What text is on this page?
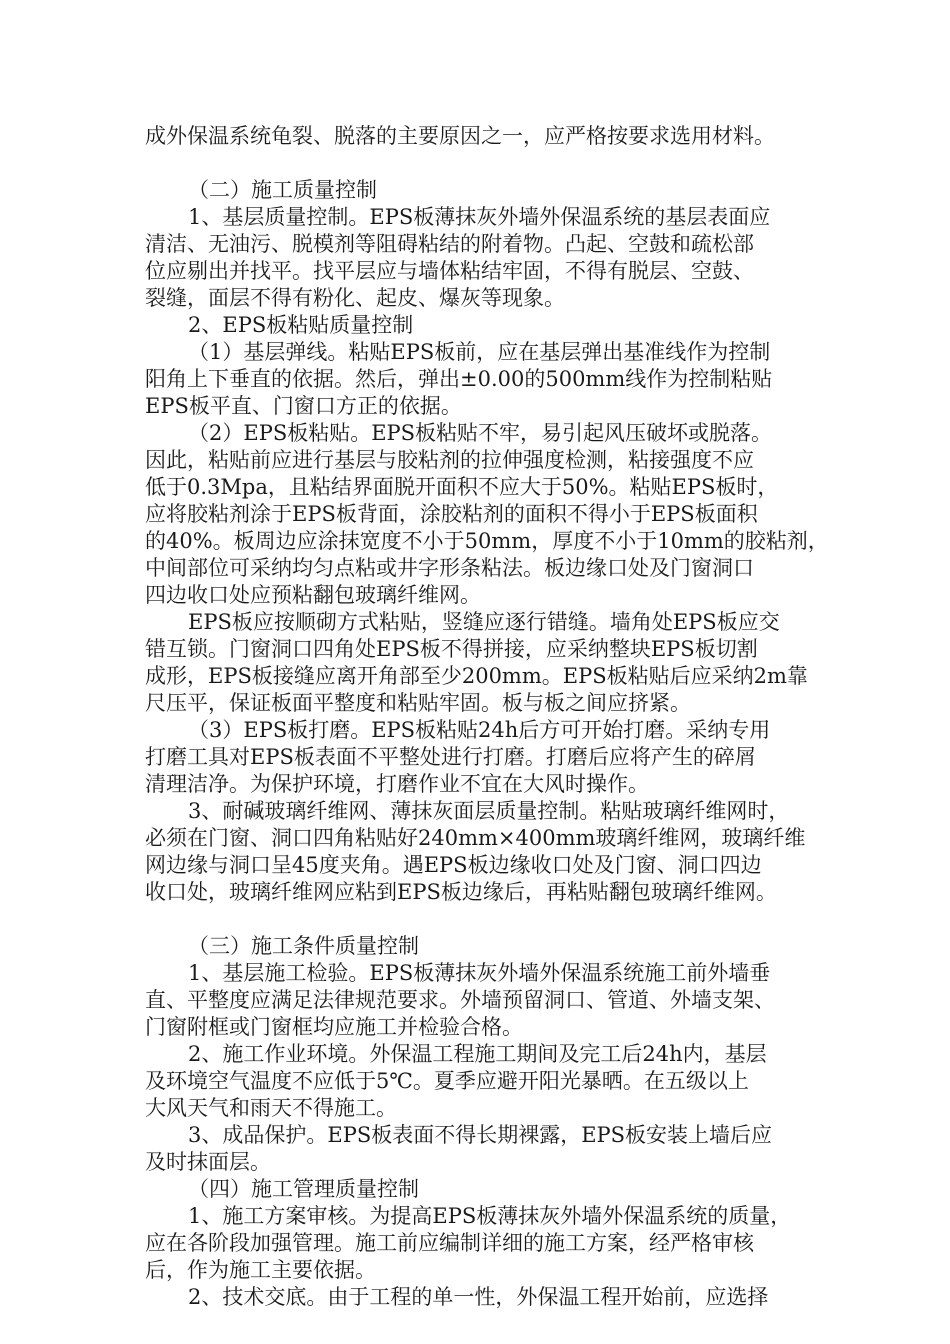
成外保温系统龟裂、脱落的主要原因之一，应严格按要求选用材料。
（二）施工质量控制
1、基层质量控制。EPS板薄抹灰外墙外保温系统的基层表面应
清洁、无油污、脱模剂等阻碍粘结的附着物。凸起、空鼓和疏松部
位应剔出并找平。找平层应与墙体粘结牢固，不得有脱层、空鼓、
裂缝，面层不得有粉化、起皮、爆灰等现象。
2、EPS板粘贴质量控制
（1）基层弹线。粘贴EPS板前，应在基层弹出基准线作为控制
阳角上下垂直的依据。然后，弹出±0.00的500mm线作为控制粘贴
EPS板平直、门窗口方正的依据。
（2）EPS板粘贴。EPS板粘贴不牢，易引起风压破坏或脱落。
因此，粘贴前应进行基层与胶粘剂的拉伸强度检测，粘接强度不应
低于0.3Mpa，且粘结界面脱开面积不应大于50%。粘贴EPS板时，
应将胶粘剂涂于EPS板背面，涂胶粘剂的面积不得小于EPS板面积
的40%。板周边应涂抹宽度不小于50mm，厚度不小于10mm的胶粘剂，
中间部位可采纳均匀点粘或井字形条粘法。板边缘口处及门窗洞口
四边收口处应预粘翻包玻璃纤维网。
EPS板应按顺砌方式粘贴，竖缝应逐行错缝。墙角处EPS板应交
错互锁。门窗洞口四角处EPS板不得拼接，应采纳整块EPS板切割
成形，EPS板接缝应离开角部至少200mm。EPS板粘贴后应采纳2m靠
尺压平，保证板面平整度和粘贴牢固。板与板之间应挤紧。
（3）EPS板打磨。EPS板粘贴24h后方可开始打磨。采纳专用
打磨工具对EPS板表面不平整处进行打磨。打磨后应将产生的碎屑
清理洁净。为保护环境，打磨作业不宜在大风时操作。
3、耐碱玻璃纤维网、薄抹灰面层质量控制。粘贴玻璃纤维网时，
必须在门窗、洞口四角粘贴好240mm×400mm玻璃纤维网，玻璃纤维
网边缘与洞口呈45度夹角。遇EPS板边缘收口处及门窗、洞口四边
收口处，玻璃纤维网应粘到EPS板边缘后，再粘贴翻包玻璃纤维网。
（三）施工条件质量控制
1、基层施工检验。EPS板薄抹灰外墙外保温系统施工前外墙垂
直、平整度应满足法律规范要求。外墙预留洞口、管道、外墙支架、
门窗附框或门窗框均应施工并检验合格。
2、施工作业环境。外保温工程施工期间及完工后24h内，基层
及环境空气温度不应低于5℃。夏季应避开阳光暴晒。在五级以上
大风天气和雨天不得施工。
3、成品保护。EPS板表面不得长期裸露，EPS板安装上墙后应
及时抹面层。
（四）施工管理质量控制
1、施工方案审核。为提高EPS板薄抹灰外墙外保温系统的质量，
应在各阶段加强管理。施工前应编制详细的施工方案，经严格审核
后，作为施工主要依据。
2、技术交底。由于工程的单一性，外保温工程开始前，应选择
